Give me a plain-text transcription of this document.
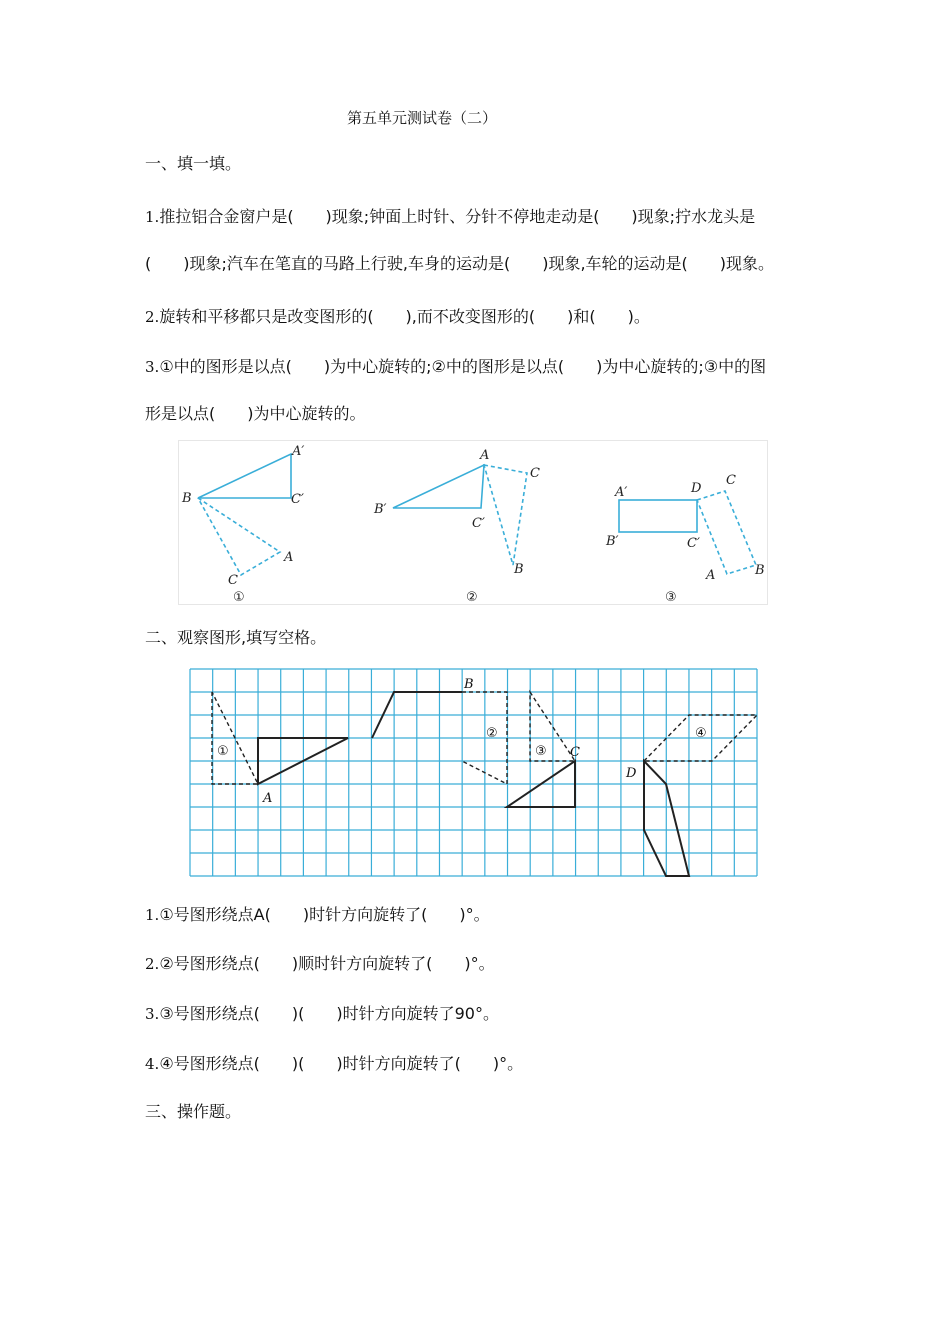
第五单元测试卷（二）
一、填一填。
1.推拉铝合金窗户是(　　)现象;钟面上时针、分针不停地走动是(　　)现象;拧水龙头是
(　　)现象;汽车在笔直的马路上行驶,车身的运动是(　　)现象,车轮的运动是(　　)现象。
2.旋转和平移都只是改变图形的(　　),而不改变图形的(　　)和(　　)。
3.①中的图形是以点(　　)为中心旋转的;②中的图形是以点(　　)为中心旋转的;③中的图
形是以点(　　)为中心旋转的。
A′
B	C′
A
C
①
A
C
B′
C′
B
②
A′	D
C
B′	C′
A	B
③
二、观察图形,填写空格。
①
A
B
②
③ C
④
D
1.①号图形绕点A(　　)时针方向旋转了(　　)°。
2.②号图形绕点(　　)顺时针方向旋转了(　　)°。
3.③号图形绕点(　　)(　　)时针方向旋转了90°。
4.④号图形绕点(　　)(　　)时针方向旋转了(　　)°。
三、操作题。
